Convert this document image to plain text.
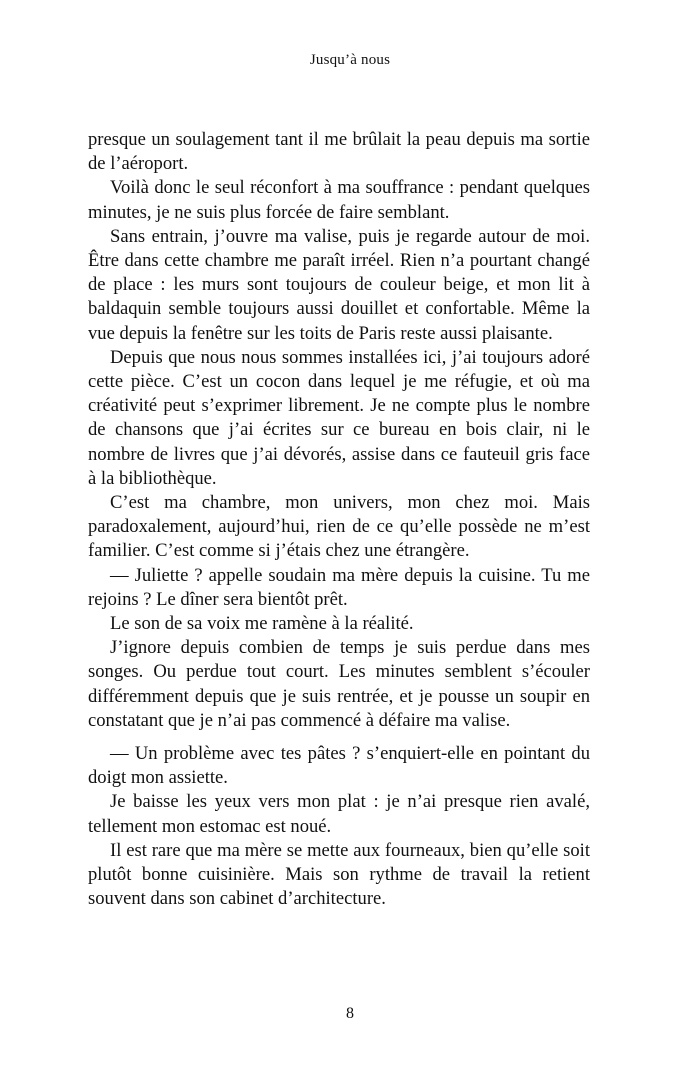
Jusqu’à nous

presque un soulagement tant il me brûlait la peau depuis ma sortie de l’aéroport.

Voilà donc le seul réconfort à ma souffrance : pendant quelques minutes, je ne suis plus forcée de faire semblant.

Sans entrain, j’ouvre ma valise, puis je regarde autour de moi. Être dans cette chambre me paraît irréel. Rien n’a pourtant changé de place : les murs sont toujours de couleur beige, et mon lit à baldaquin semble toujours aussi douillet et confortable. Même la vue depuis la fenêtre sur les toits de Paris reste aussi plaisante.

Depuis que nous nous sommes installées ici, j’ai toujours adoré cette pièce. C’est un cocon dans lequel je me réfugie, et où ma créativité peut s’exprimer librement. Je ne compte plus le nombre de chansons que j’ai écrites sur ce bureau en bois clair, ni le nombre de livres que j’ai dévorés, assise dans ce fauteuil gris face à la bibliothèque.

C’est ma chambre, mon univers, mon chez moi. Mais paradoxalement, aujourd’hui, rien de ce qu’elle possède ne m’est familier. C’est comme si j’étais chez une étrangère.

— Juliette ? appelle soudain ma mère depuis la cuisine. Tu me rejoins ? Le dîner sera bientôt prêt.

Le son de sa voix me ramène à la réalité.

J’ignore depuis combien de temps je suis perdue dans mes songes. Ou perdue tout court. Les minutes semblent s’écouler différemment depuis que je suis rentrée, et je pousse un soupir en constatant que je n’ai pas commencé à défaire ma valise.

— Un problème avec tes pâtes ? s’enquiert-elle en pointant du doigt mon assiette.

Je baisse les yeux vers mon plat : je n’ai presque rien avalé, tellement mon estomac est noué.

Il est rare que ma mère se mette aux fourneaux, bien qu’elle soit plutôt bonne cuisinière. Mais son rythme de travail la retient souvent dans son cabinet d’architecture.

8
